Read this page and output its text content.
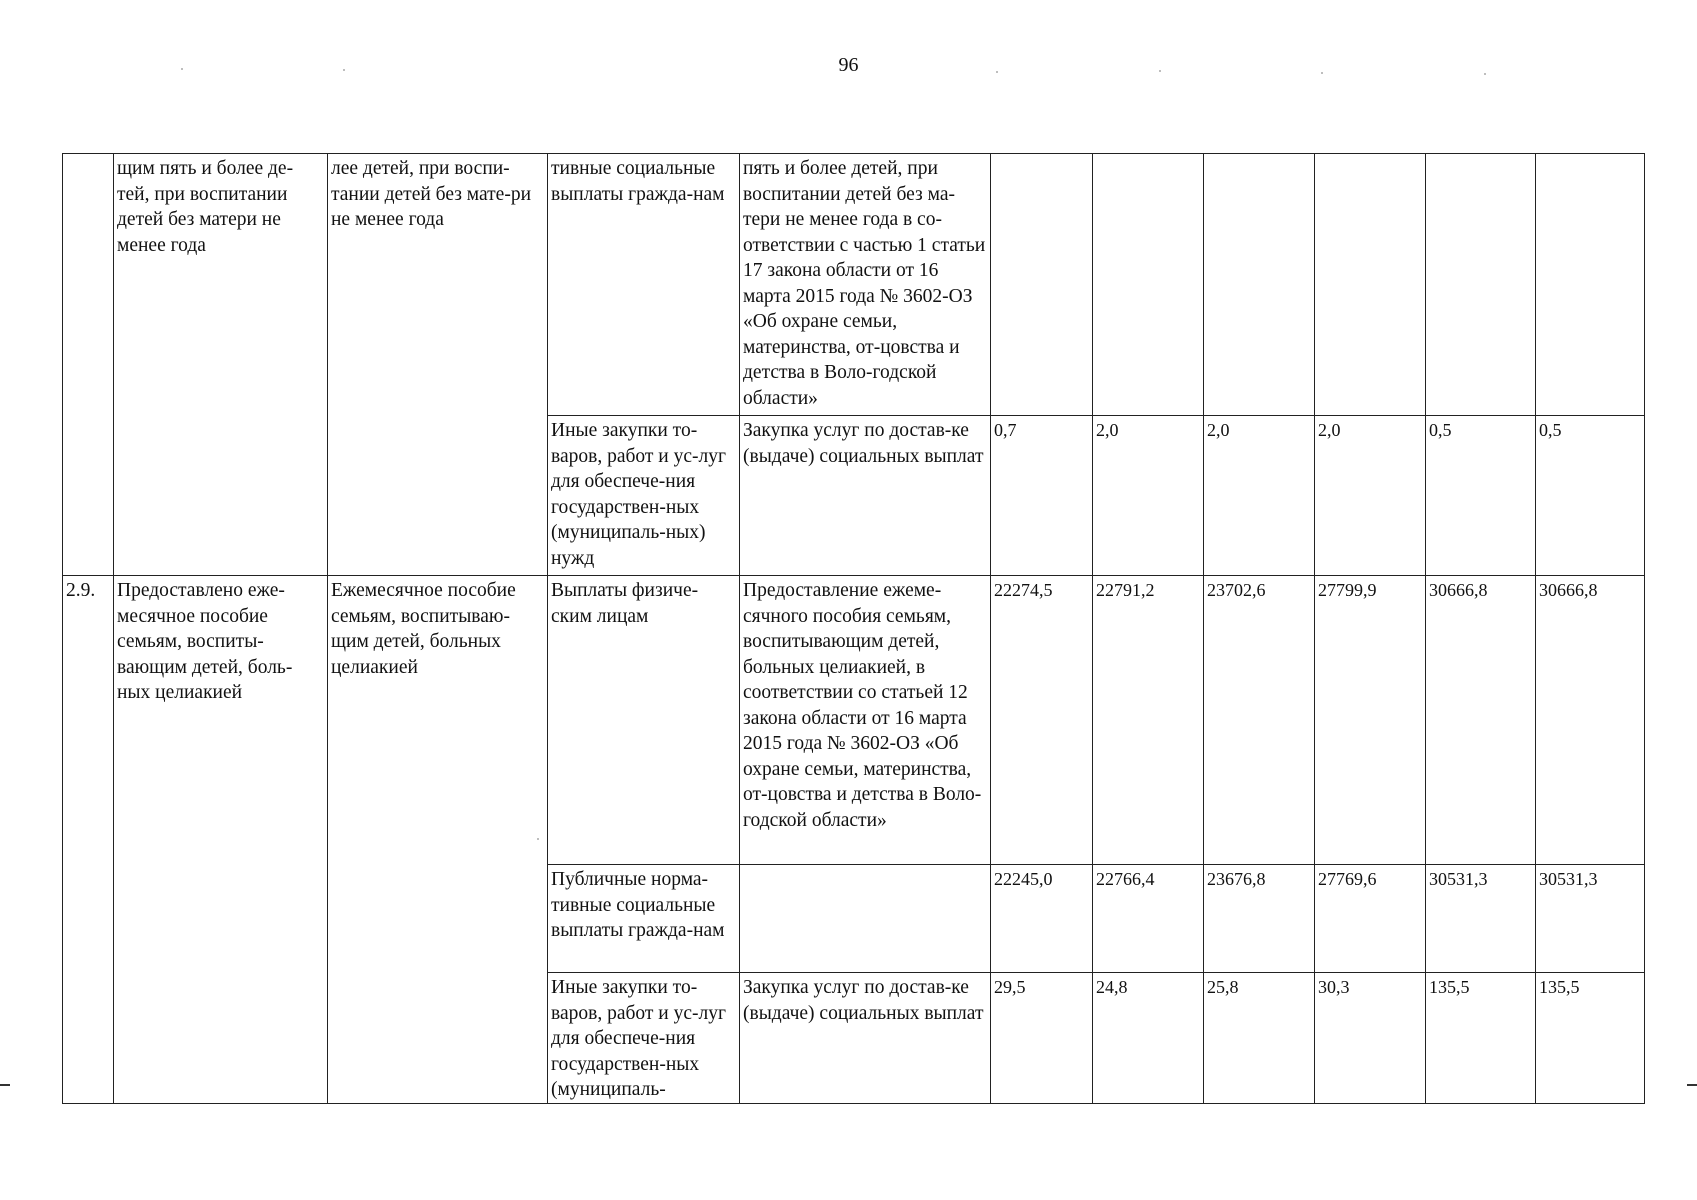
96
	щим пять и более де-тей, при воспитании детей без матери не менее года	лее детей, при воспи-тании детей без мате-ри не менее года	тивные социальные выплаты гражда-нам	пять и более детей, при воспитании детей без ма-тери не менее года в со-ответствии с частью 1 статьи 17 закона области от 16 марта 2015 года № 3602-ОЗ «Об охране семьи, материнства, от-цовства и детства в Воло-годской области»						
			Иные закупки то-варов, работ и ус-луг для обеспече-ния государствен-ных (муниципаль-ных) нужд	Закупка услуг по достав-ке (выдаче) социальных выплат	0,7	2,0	2,0	2,0	0,5	0,5
2.9.	Предоставлено еже-месячное пособие семьям, воспиты-вающим детей, боль-ных целиакией	Ежемесячное пособие семьям, воспитываю-щим детей, больных целиакией	Выплаты физиче-ским лицам	Предоставление ежеме-сячного пособия семьям, воспитывающим детей, больных целиакией, в соответствии со статьей 12 закона области от 16 марта 2015 года № 3602-ОЗ «Об охране семьи, материнства, от-цовства и детства в Воло-годской области»	22274,5	22791,2	23702,6	27799,9	30666,8	30666,8
			Публичные норма-тивные социальные выплаты гражда-нам		22245,0	22766,4	23676,8	27769,6	30531,3	30531,3
			Иные закупки то-варов, работ и ус-луг для обеспече-ния государствен-ных (муниципаль-	Закупка услуг по достав-ке (выдаче) социальных выплат	29,5	24,8	25,8	30,3	135,5	135,5
